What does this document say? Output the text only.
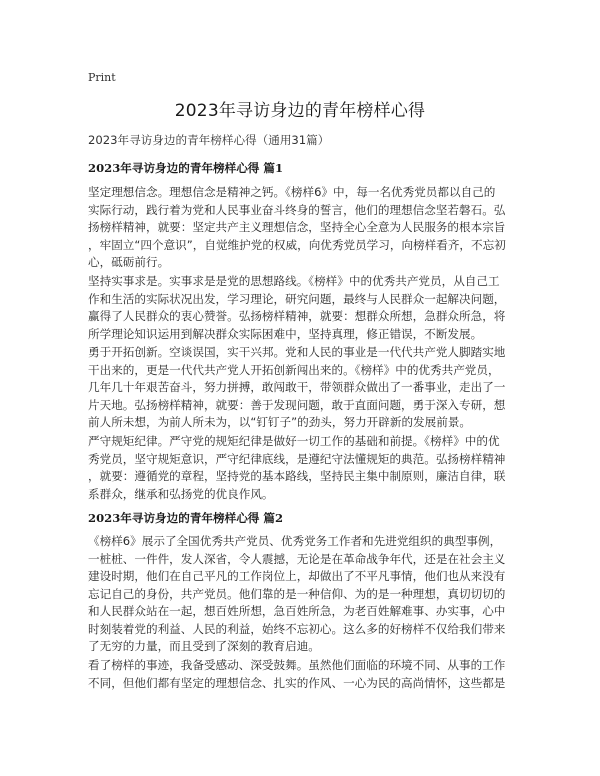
Print
2023年寻访身边的青年榜样心得
2023年寻访身边的青年榜样心得（通用31篇）
2023年寻访身边的青年榜样心得 篇1

坚定理想信念。理想信念是精神之钙。《榜样6》中，每一名优秀党员都以自己的
实际行动，践行着为党和人民事业奋斗终身的誓言，他们的理想信念坚若磐石。弘
扬榜样精神，就要：坚定共产主义理想信念，坚持全心全意为人民服务的根本宗旨
，牢固立“四个意识”，自觉维护党的权威，向优秀党员学习，向榜样看齐，不忘初
心，砥砺前行。

坚持实事求是。实事求是是党的思想路线。《榜样》中的优秀共产党员，从自己工
作和生活的实际状况出发，学习理论，研究问题，最终与人民群众一起解决问题，
赢得了人民群众的衷心赞誉。弘扬榜样精神，就要：想群众所想，急群众所急，将
所学理论知识运用到解决群众实际困难中，坚持真理，修正错误，不断发展。

勇于开拓创新。空谈误国，实干兴邦。党和人民的事业是一代代共产党人脚踏实地
干出来的，更是一代代共产党人开拓创新闯出来的。《榜样》中的优秀共产党员，
几年几十年艰苦奋斗，努力拼搏，敢闯敢干，带领群众做出了一番事业，走出了一
片天地。弘扬榜样精神，就要：善于发现问题，敢于直面问题，勇于深入专研，想
前人所未想，为前人所未为，以“钉钉子”的劲头，努力开辟新的发展前景。

严守规矩纪律。严守党的规矩纪律是做好一切工作的基础和前提。《榜样》中的优
秀党员，坚守规矩意识，严守纪律底线，是遵纪守法懂规矩的典范。弘扬榜样精神
，就要：遵循党的章程，坚持党的基本路线，坚持民主集中制原则，廉洁自律，联
系群众，继承和弘扬党的优良作风。

2023年寻访身边的青年榜样心得 篇2

《榜样6》展示了全国优秀共产党员、优秀党务工作者和先进党组织的典型事例，
一桩桩、一件件，发人深省，令人震撼，无论是在革命战争年代，还是在社会主义
建设时期，他们在自己平凡的工作岗位上，却做出了不平凡事情，他们也从来没有
忘记自己的身份，共产党员。他们靠的是一种信仰、为的是一种理想，真切切切的
和人民群众站在一起，想百姓所想，急百姓所急，为老百姓解难事、办实事，心中
时刻装着党的利益、人民的利益，始终不忘初心。这么多的好榜样不仅给我们带来
了无穷的力量，而且受到了深刻的教育启迪。

看了榜样的事迹，我备受感动、深受鼓舞。虽然他们面临的环境不同、从事的工作
不同，但他们都有坚定的理想信念、扎实的作风、一心为民的高尚情怀，这些都是
